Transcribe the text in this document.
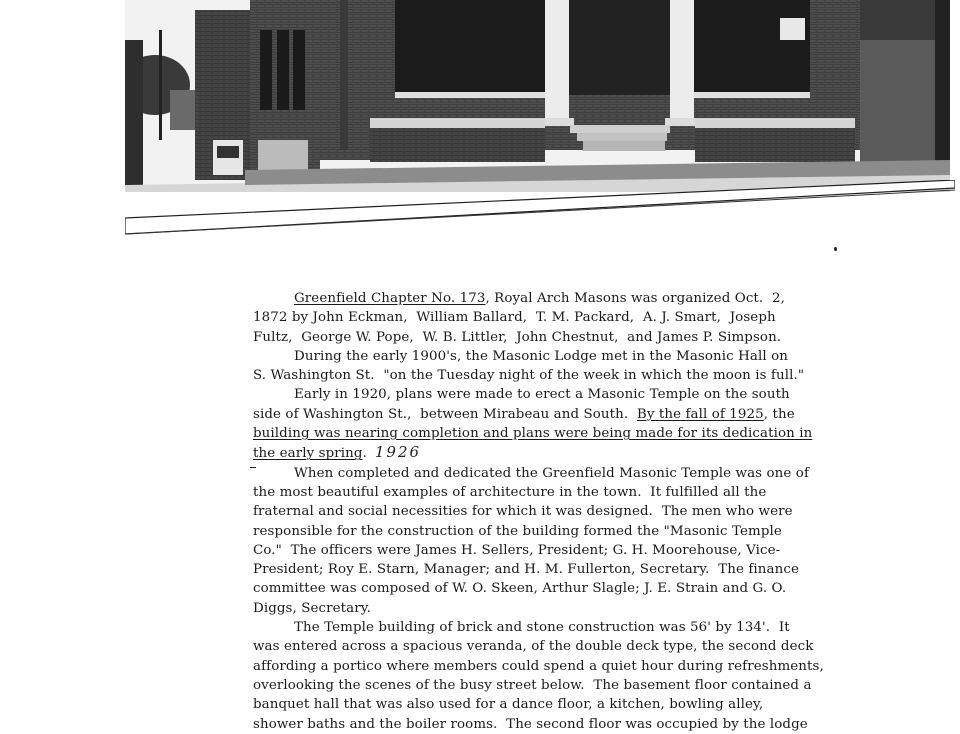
Greenfield Chapter No. 173, Royal Arch Masons was organized Oct.  2,

1872 by John Eckman,  William Ballard,  T. M. Packard,  A. J. Smart,  Joseph

Fultz,  George W. Pope,  W. B. Littler,  John Chestnut,  and James P. Simpson.

During the early 1900's, the Masonic Lodge met in the Masonic Hall on

S. Washington St.  "on the Tuesday night of the week in which the moon is full."

Early in 1920, plans were made to erect a Masonic Temple on the south

side of Washington St.,  between Mirabeau and South.  By the fall of 1925, the

building was nearing completion and plans were being made for its dedication in

the early spring. 1926

When completed and dedicated the Greenfield Masonic Temple was one of

the most beautiful examples of architecture in the town.  It fulfilled all the

fraternal and social necessities for which it was designed.  The men who were

responsible for the construction of the building formed the "Masonic Temple

Co."  The officers were James H. Sellers, President; G. H. Moorehouse, Vice-

President; Roy E. Starn, Manager; and H. M. Fullerton, Secretary.  The finance

committee was composed of W. O. Skeen, Arthur Slagle; J. E. Strain and G. O.

Diggs, Secretary.

The Temple building of brick and stone construction was 56' by 134'.  It

was entered across a spacious veranda, of the double deck type, the second deck

affording a portico where members could spend a quiet hour during refreshments,

overlooking the scenes of the busy street below.  The basement floor contained a

banquet hall that was also used for a dance floor, a kitchen, bowling alley,

shower baths and the boiler rooms.  The second floor was occupied by the lodge
